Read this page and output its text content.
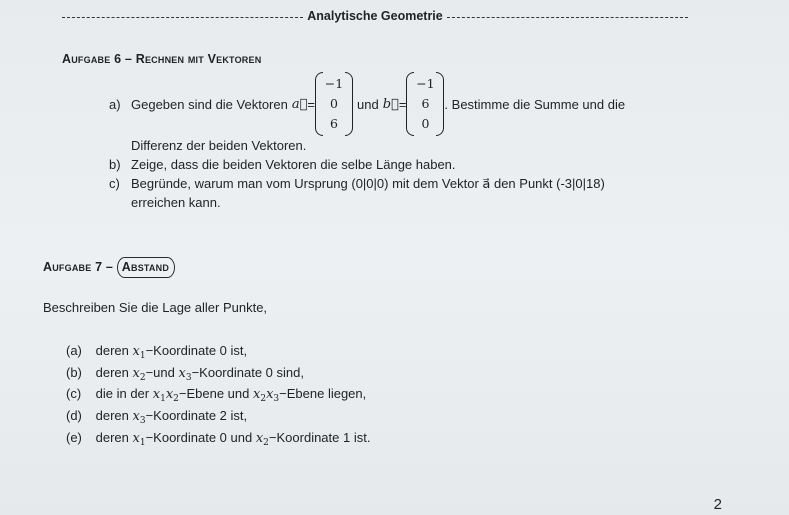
Analytische Geometrie
Aufgabe 6 – Rechnen mit Vektoren
a) Gegeben sind die Vektoren a⃗ =
−1
0
6
und b⃗ =
−1
6
0
. Bestimme die Summe und die
Differenz der beiden Vektoren.
b) Zeige, dass die beiden Vektoren die selbe Länge haben.
c) Begründe, warum man vom Ursprung (0|0|0) mit dem Vektor a⃗ den Punkt (-3|0|18)
erreichen kann.
Aufgabe 7 – Abstand
Beschreiben Sie die Lage aller Punkte,
(a) deren $x_1-Koordinate$ 0 ist,
(b) deren $x_2-und$ $x_3-Koordinate$ 0 sind,
(c) die in der $x_1x_2-Ebene$ und $x_2x_3-Ebene$ liegen,
(d) deren $x_3-Koordinate$ 2 ist,
(e) deren $x_1-Koordinate$ 0 und $x_2-Koordinate$ 1 ist.
2
